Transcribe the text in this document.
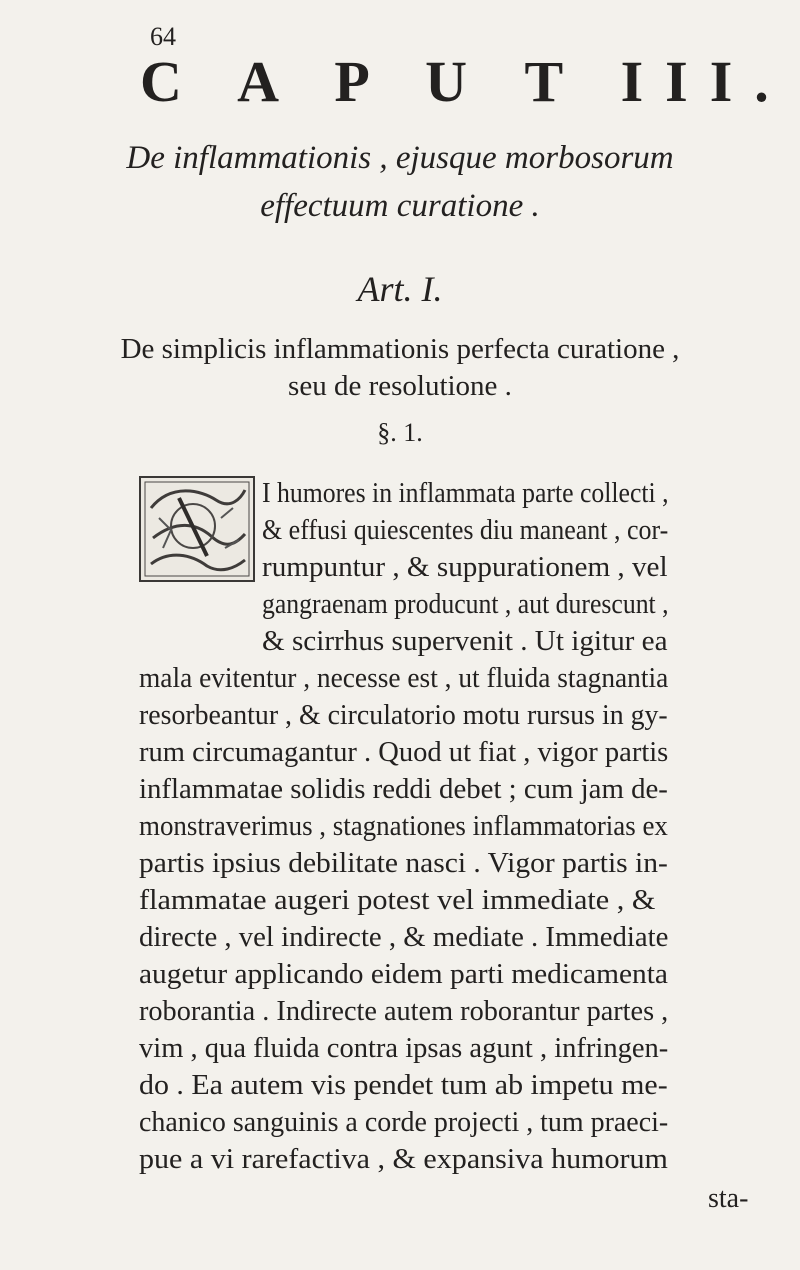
64
C A P U T III.
De inflammationis , ejusque morbosorum
effectuum curatione .
Art. I.
De simplicis inflammationis perfecta curatione ,
seu de resolutione .
§. 1.
I humores in inflammata parte collecti ,
& effusi quiescentes diu maneant , cor-
rumpuntur , & suppurationem , vel
gangraenam producunt , aut durescunt ,
& scirrhus supervenit . Ut igitur ea
mala evitentur , necesse est , ut fluida stagnantia
resorbeantur , & circulatorio motu rursus in gy-
rum circumagantur . Quod ut fiat , vigor partis
inflammatae solidis reddi debet ; cum jam de-
monstraverimus , stagnationes inflammatorias ex
partis ipsius debilitate nasci . Vigor partis in-
flammatae augeri potest vel immediate , &
directe , vel indirecte , & mediate . Immediate
augetur applicando eidem parti medicamenta
roborantia . Indirecte autem roborantur partes ,
vim , qua fluida contra ipsas agunt , infringen-
do . Ea autem vis pendet tum ab impetu me-
chanico sanguinis a corde projecti , tum praeci-
pue a vi rarefactiva , & expansiva humorum
sta-
